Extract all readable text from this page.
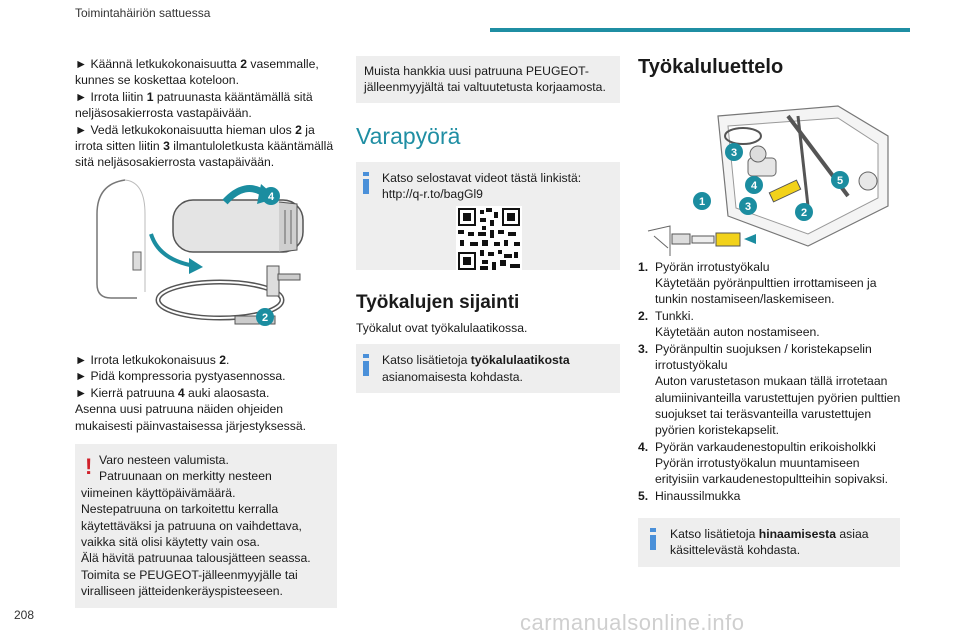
Toimintahäiriön sattuessa

► Käännä letkukokonaisuutta 2 vasemmalle,

kunnes se koskettaa koteloon.

► Irrota liitin 1 patruunasta kääntämällä sitä

neljäsosakierrosta vastapäivään.

► Vedä letkukokonaisuutta hieman ulos 2 ja

irrota sitten liitin 3 ilmantuloletkusta kääntämällä

sitä neljäsosakierrosta vastapäivään.

4
2

► Irrota letkukokonaisuus 2.

► Pidä kompressoria pystyasennossa.

► Kierrä patruuna 4 auki alaosasta.

Asenna uusi patruuna näiden ohjeiden

mukaisesti päinvastaisessa järjestyksessä.

! Varo nesteen valumista.

Patruunaan on merkitty nesteen

viimeinen käyttöpäivämäärä.

Nestepatruuna on tarkoitettu kerralla

käytettäväksi ja patruuna on vaihdettava,

vaikka sitä olisi käytetty vain osa.

Älä hävitä patruunaa talousjätteen seassa.

Toimita se PEUGEOT-jälleenmyyjälle tai

viralliseen jätteidenkeräyspisteeseen.

Muista hankkia uusi patruuna PEUGEOT-

jälleenmyyjältä tai valtuutetusta korjaamosta.

Varapyörä

Katso selostavat videot tästä linkistä:

http://q-r.to/bagGl9

Työkalujen sijainti

Työkalut ovat työkalulaatikossa.

Katso lisätietoja työkalulaatikosta

asianomaisesta kohdasta.

Työkaluluettelo
3
4	5
1
2
3
1. Pyörän irrotustyökalu
Käytetään pyöränpulttien irrottamiseen ja
tunkin nostamiseen/laskemiseen.
2. Tunkki.
Käytetään auton nostamiseen.
3. Pyöränpultin suojuksen / koristekapselin
irrotustyökalu
Auton varustetason mukaan tällä irrotetaan
alumiinivanteilla varustettujen pyörien pulttien
suojukset tai teräsvanteilla varustettujen
pyörien koristekapselit.
4. Pyörän varkaudenestopultin erikoisholkki
Pyörän irrotustyökalun muuntamiseen
erityisiin varkaudenestopultteihin sopivaksi.
5. Hinaussilmukka

Katso lisätietoja hinaamisesta asiaa

käsittelevästä kohdasta.

208	carmanualsonline.info
